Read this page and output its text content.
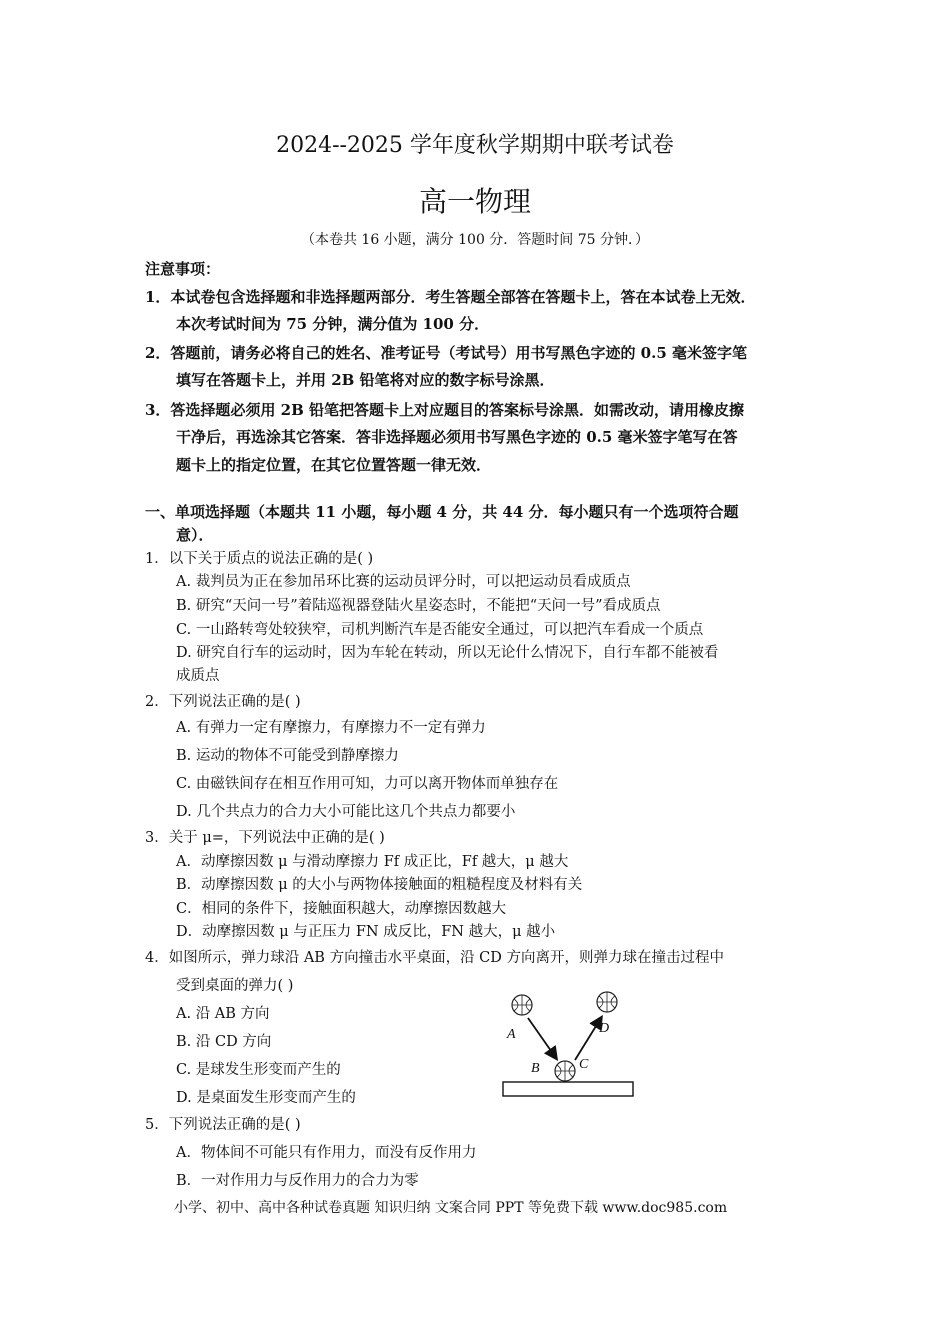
2024--2025 学年度秋学期期中联考试卷
高一物理
（本卷共 16 小题，满分 100 分．答题时间 75 分钟．）
注意事项：
1．本试卷包含选择题和非选择题两部分．考生答题全部答在答题卡上，答在本试卷上无效．
本次考试时间为 75 分钟，满分值为 100 分．
2．答题前，请务必将自己的姓名、准考证号（考试号）用书写黑色字迹的 0.5 毫米签字笔
填写在答题卡上，并用 2B 铅笔将对应的数字标号涂黑．
3．答选择题必须用 2B 铅笔把答题卡上对应题目的答案标号涂黑．如需改动，请用橡皮擦
干净后，再选涂其它答案．答非选择题必须用书写黑色字迹的 0.5 毫米签字笔写在答
题卡上的指定位置，在其它位置答题一律无效．
一、单项选择题（本题共 11 小题，每小题 4 分，共 44 分．每小题只有一个选项符合题
意）．
1．以下关于质点的说法正确的是( )
A. 裁判员为正在参加吊环比赛的运动员评分时，可以把运动员看成质点
B. 研究“天问一号”着陆巡视器登陆火星姿态时，不能把“天问一号”看成质点
C. 一山路转弯处较狭窄，司机判断汽车是否能安全通过，可以把汽车看成一个质点
D. 研究自行车的运动时，因为车轮在转动，所以无论什么情况下，自行车都不能被看
成质点
2．下列说法正确的是( )
A. 有弹力一定有摩擦力，有摩擦力不一定有弹力
B. 运动的物体不可能受到静摩擦力
C. 由磁铁间存在相互作用可知，力可以离开物体而单独存在
D. 几个共点力的合力大小可能比这几个共点力都要小
3．关于 μ=，下列说法中正确的是( )
A．动摩擦因数 μ 与滑动摩擦力 Ff 成正比，Ff 越大，μ 越大
B．动摩擦因数 μ 的大小与两物体接触面的粗糙程度及材料有关
C．相同的条件下，接触面积越大，动摩擦因数越大
D．动摩擦因数 μ 与正压力 FN 成反比，FN 越大，μ 越小
4．如图所示，弹力球沿 AB 方向撞击水平桌面，沿 CD 方向离开，则弹力球在撞击过程中
受到桌面的弹力( )
A. 沿 AB 方向
B. 沿 CD 方向
C. 是球发生形变而产生的
D. 是桌面发生形变而产生的
A
B	C
D
5．下列说法正确的是( )
A．物体间不可能只有作用力，而没有反作用力
B．一对作用力与反作用力的合力为零
小学、初中、高中各种试卷真题 知识归纳 文案合同 PPT 等免费下载 www.doc985.com
